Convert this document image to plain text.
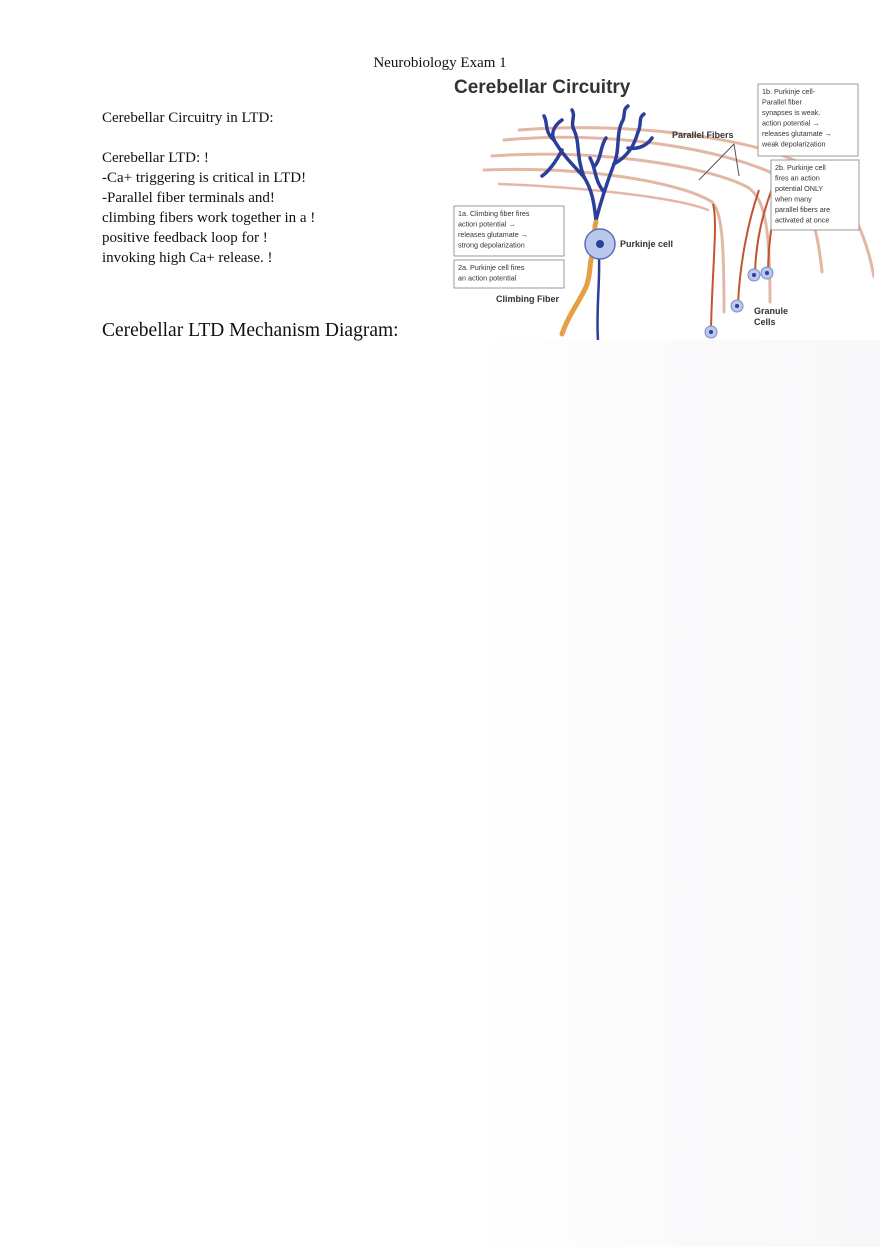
Neurobiology Exam 1
Cerebellar Circuitry in LTD:
Cerebellar LTD: !
-Ca+ triggering is critical in LTD!
-Parallel fiber terminals and!
climbing fibers work together in a !
positive feedback loop for !
invoking high Ca+ release. !
Cerebellar LTD Mechanism Diagram:
Cerebellar Circuitry
Parallel Fibers
Purkinje cell
Climbing Fiber
Granule Cells
1b. Purkinje cell- Parallel fiber synapses is weak. action potential → releases glutamate → weak depolarization
2b. Purkinje cell fires an action potential ONLY when many parallel fibers are activated at once
1a. Climbing fiber fires action potential → releases glutamate → strong depolarization
2a. Purkinje cell fires an action potential
